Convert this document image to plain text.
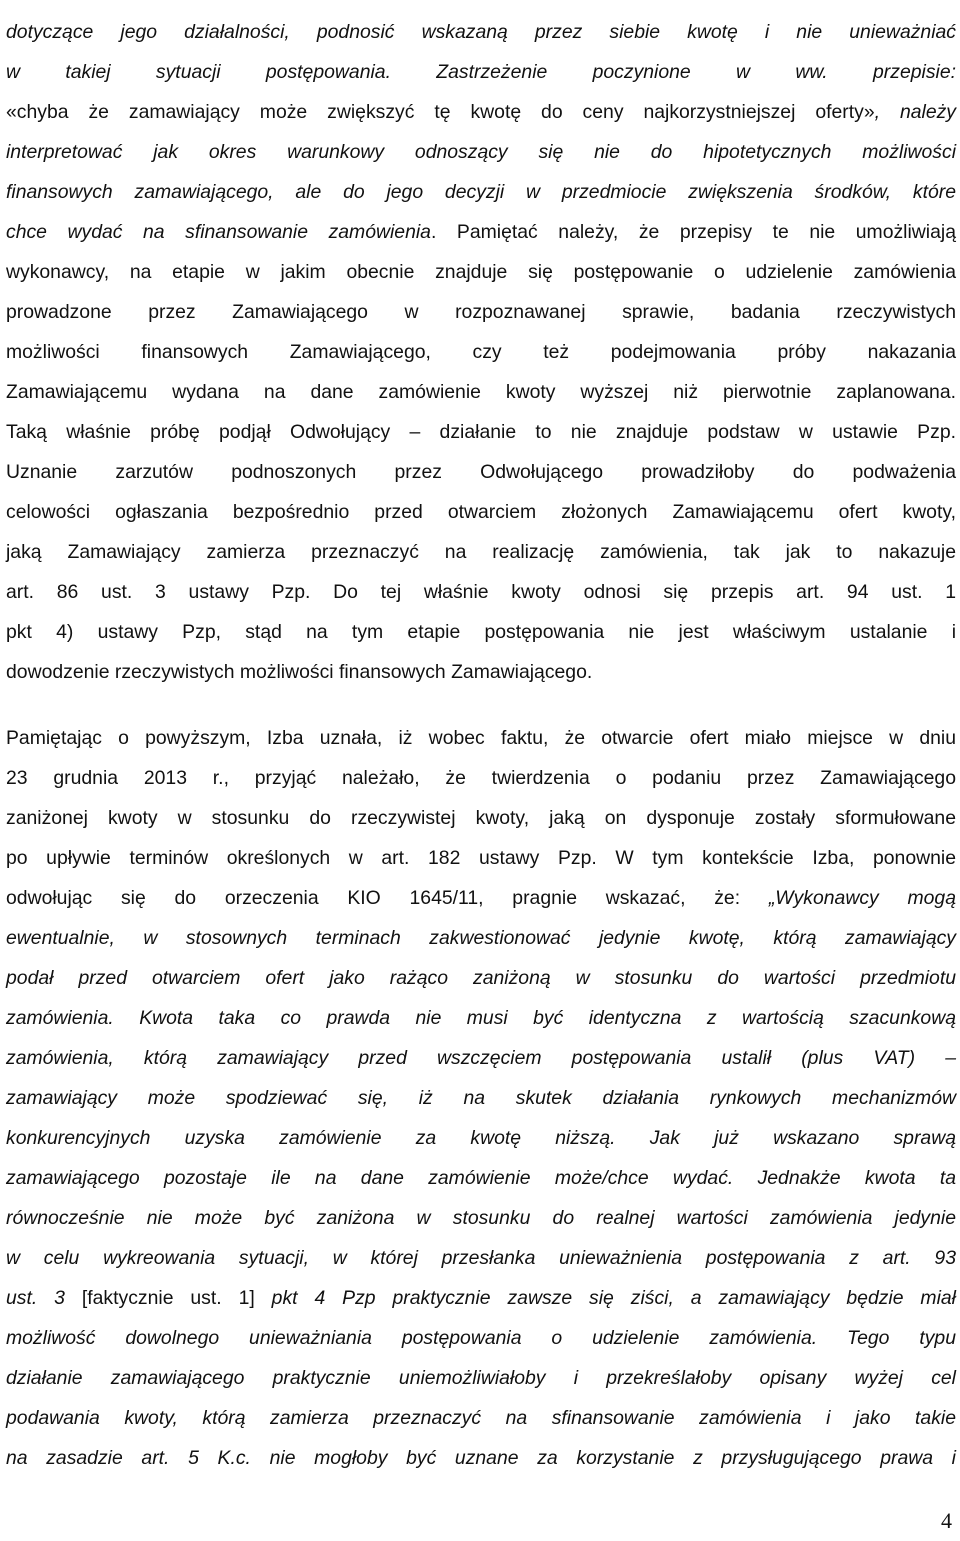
dotyczące jego działalności, podnosić wskazaną przez siebie kwotę i nie unieważniać
w takiej sytuacji postępowania. Zastrzeżenie poczynione w ww. przepisie:
«chyba że zamawiający może zwiększyć tę kwotę do ceny najkorzystniejszej oferty», należy
interpretować jak okres warunkowy odnoszący się nie do hipotetycznych możliwości
finansowych zamawiającego, ale do jego decyzji w przedmiocie zwiększenia środków, które
chce wydać na sfinansowanie zamówienia. Pamiętać należy, że przepisy te nie umożliwiają
wykonawcy, na etapie w jakim obecnie znajduje się postępowanie o udzielenie zamówienia
prowadzone przez Zamawiającego w rozpoznawanej sprawie, badania rzeczywistych
możliwości finansowych Zamawiającego, czy też podejmowania próby nakazania
Zamawiającemu wydana na dane zamówienie kwoty wyższej niż pierwotnie zaplanowana.
Taką właśnie próbę podjął Odwołujący – działanie to nie znajduje podstaw w ustawie Pzp.
Uznanie zarzutów podnoszonych przez Odwołującego prowadziłoby do podważenia
celowości ogłaszania bezpośrednio przed otwarciem złożonych Zamawiającemu ofert kwoty,
jaką Zamawiający zamierza przeznaczyć na realizację zamówienia, tak jak to nakazuje
art. 86 ust. 3 ustawy Pzp. Do tej właśnie kwoty odnosi się przepis art. 94 ust. 1
pkt 4) ustawy Pzp, stąd na tym etapie postępowania nie jest właściwym ustalanie i
dowodzenie rzeczywistych możliwości finansowych Zamawiającego.
Pamiętając o powyższym, Izba uznała, iż wobec faktu, że otwarcie ofert miało miejsce w dniu
23 grudnia 2013 r., przyjąć należało, że twierdzenia o podaniu przez Zamawiającego
zaniżonej kwoty w stosunku do rzeczywistej kwoty, jaką on dysponuje zostały sformułowane
po upływie terminów określonych w art. 182 ustawy Pzp. W tym kontekście Izba, ponownie
odwołując się do orzeczenia KIO 1645/11, pragnie wskazać, że: „Wykonawcy mogą
ewentualnie, w stosownych terminach zakwestionować jedynie kwotę, którą zamawiający
podał przed otwarciem ofert jako rażąco zaniżoną w stosunku do wartości przedmiotu
zamówienia. Kwota taka co prawda nie musi być identyczna z wartością szacunkową
zamówienia, którą zamawiający przed wszczęciem postępowania ustalił (plus VAT) –
zamawiający może spodziewać się, iż na skutek działania rynkowych mechanizmów
konkurencyjnych uzyska zamówienie za kwotę niższą. Jak już wskazano sprawą
zamawiającego pozostaje ile na dane zamówienie może/chce wydać. Jednakże kwota ta
równocześnie nie może być zaniżona w stosunku do realnej wartości zamówienia jedynie
w celu wykreowania sytuacji, w której przesłanka unieważnienia postępowania z art. 93
ust. 3 [faktycznie ust. 1] pkt 4 Pzp praktycznie zawsze się ziści, a zamawiający będzie miał
możliwość dowolnego unieważniania postępowania o udzielenie zamówienia. Tego typu
działanie zamawiającego praktycznie uniemożliwiałoby i przekreślałoby opisany wyżej cel
podawania kwoty, którą zamierza przeznaczyć na sfinansowanie zamówienia i jako takie
na zasadzie art. 5 K.c. nie mogłoby być uznane za korzystanie z przysługującego prawa i
4
